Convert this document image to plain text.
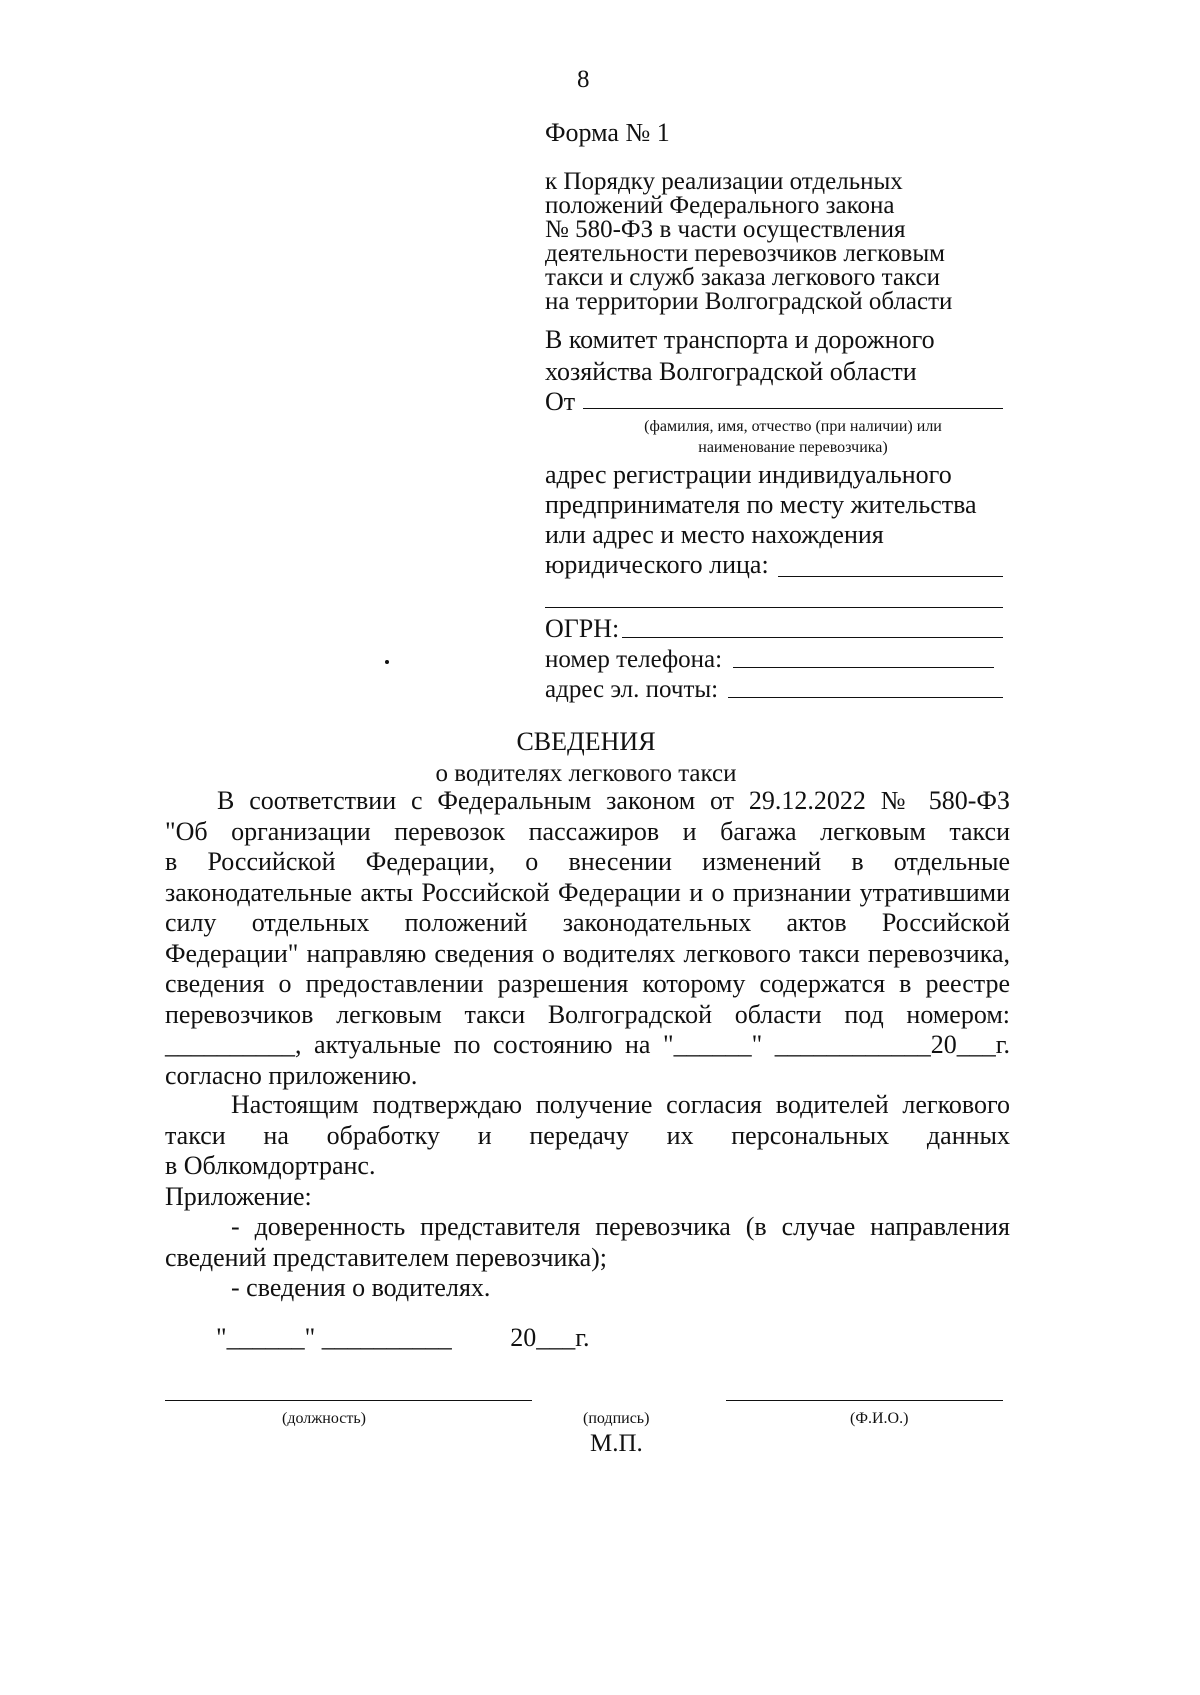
8
Форма № 1
к Порядку реализации отдельных
положений Федерального закона
№ 580-ФЗ в части осуществления
деятельности перевозчиков легковым
такси и служб заказа легкового такси
на территории Волгоградской области
В комитет транспорта и дорожного
хозяйства Волгоградской области
От
(фамилия, имя, отчество (при наличии) или
наименование перевозчика)
адрес регистрации индивидуального
предпринимателя по месту жительства
или адрес и место нахождения
юридического лица:
ОГРН:
номер телефона:
адрес эл. почты:
СВЕДЕНИЯ
о водителях легкового такси
В соответствии с Федеральным законом от 29.12.2022 № 580-ФЗ
"Об организации перевозок пассажиров и багажа легковым такси
в Российской Федерации, о внесении изменений в отдельные
законодательные акты Российской Федерации и о признании утратившими
силу отдельных положений законодательных актов Российской
Федерации" направляю сведения о водителях легкового такси перевозчика,
сведения о предоставлении разрешения которому содержатся в реестре
перевозчиков легковым такси Волгоградской области под номером:
__________, актуальные по состоянию на "______" ____________20___г.
согласно приложению.
Настоящим подтверждаю получение согласия водителей легкового
такси на обработку и передачу их персональных данных
в Облкомдортранс.
Приложение:
- доверенность представителя перевозчика (в случае направления
сведений представителем перевозчика);
- сведения о водителях.
"______" __________         20___г.
(должность)	(подпись)	(Ф.И.О.)
М.П.
